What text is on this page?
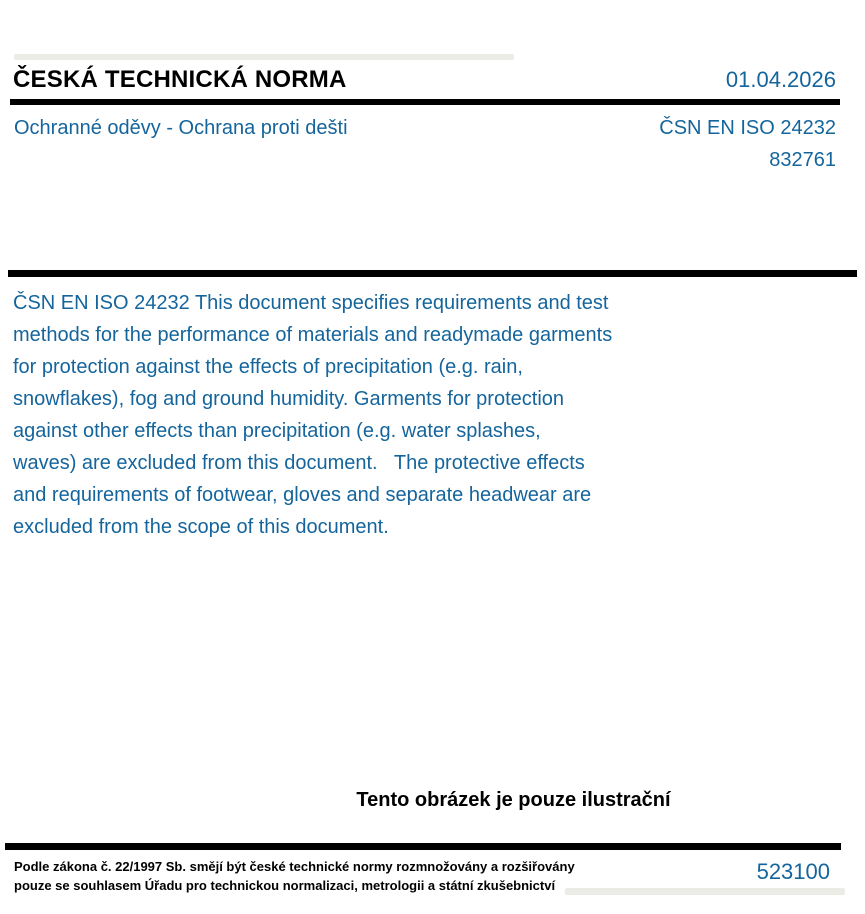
ČESKÁ TECHNICKÁ NORMA	01.04.2026
Ochranné oděvy - Ochrana proti dešti	ČSN EN ISO 24232
832761
ČSN EN ISO 24232 This document specifies requirements and test
methods for the performance of materials and readymade garments
for protection against the effects of precipitation (e.g. rain,
snowflakes), fog and ground humidity. Garments for protection
against other effects than precipitation (e.g. water splashes,
waves) are excluded from this document.   The protective effects
and requirements of footwear, gloves and separate headwear are
excluded from the scope of this document.
Tento obrázek je pouze ilustrační
Podle zákona č. 22/1997 Sb. smějí být české technické normy rozmnožovány a rozšiřovány
pouze se souhlasem Úřadu pro technickou normalizaci, metrologii a státní zkušebnictví
523100
